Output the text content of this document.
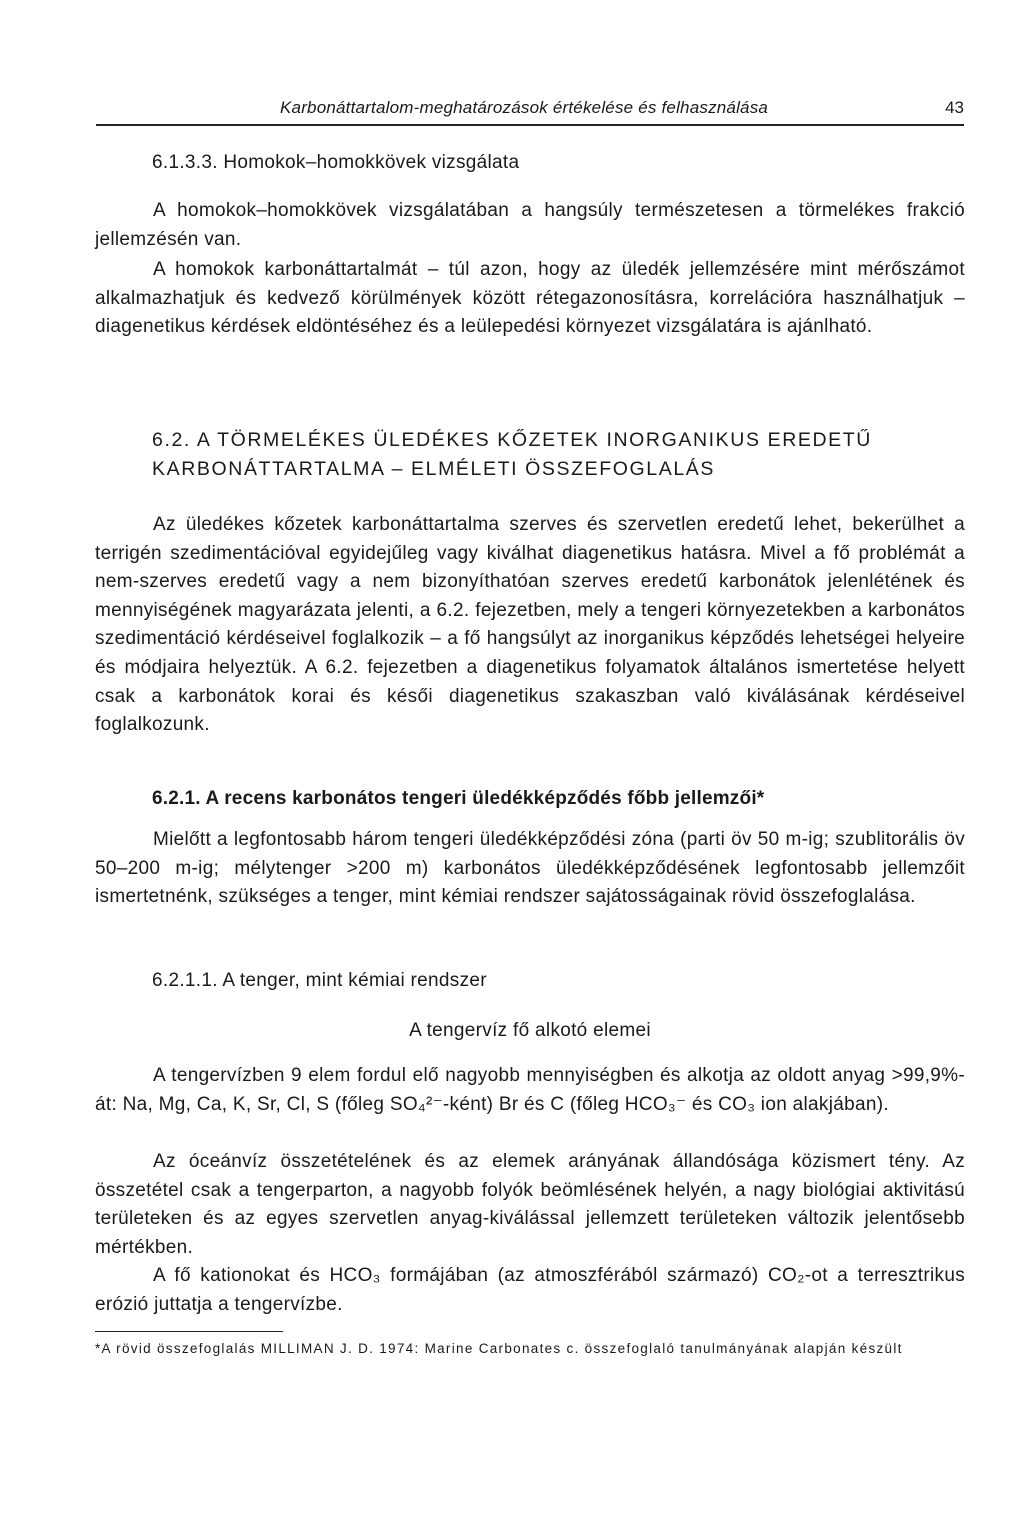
Karbonáttartalom-meghatározások értékelése és felhasználása	43

6.1.3.3. Homokok–homokkövek vizsgálata

A homokok–homokkövek vizsgálatában a hangsúly természetesen a törmelékes frakció jellemzésén van.

A homokok karbonáttartalmát – túl azon, hogy az üledék jellemzésére mint mérőszámot alkalmazhatjuk és kedvező körülmények között rétegazonosításra, korrelációra használhatjuk – diagenetikus kérdések eldöntéséhez és a leülepedési környezet vizsgálatára is ajánlható.

6.2. A TÖRMELÉKES ÜLEDÉKES KŐZETEK INORGANIKUS EREDETŰ

KARBONÁTTARTALMA – ELMÉLETI ÖSSZEFOGLALÁS

Az üledékes kőzetek karbonáttartalma szerves és szervetlen eredetű lehet, bekerülhet a terrigén szedimentációval egyidejűleg vagy kiválhat diagenetikus hatásra. Mivel a fő problémát a nem-szerves eredetű vagy a nem bizonyíthatóan szerves eredetű karbonátok jelenlétének és mennyiségének magyarázata jelenti, a 6.2. fejezetben, mely a tengeri környezetekben a karbonátos szedimentáció kérdéseivel foglalkozik – a fő hangsúlyt az inorganikus képződés lehetségei helyeire és módjaira helyeztük. A 6.2. fejezetben a diagenetikus folyamatok általános ismertetése helyett csak a karbonátok korai és késői diagenetikus szakaszban való kiválásának kérdéseivel foglalkozunk.

6.2.1. A recens karbonátos tengeri üledékképződés főbb jellemzői*

Mielőtt a legfontosabb három tengeri üledékképződési zóna (parti öv 50 m-ig; szublitorális öv 50–200 m-ig; mélytenger >200 m) karbonátos üledékképződésének legfontosabb jellemzőit ismertetnénk, szükséges a tenger, mint kémiai rendszer sajátosságainak rövid összefoglalása.

6.2.1.1. A tenger, mint kémiai rendszer

A tengervíz fő alkotó elemei

A tengervízben 9 elem fordul elő nagyobb mennyiségben és alkotja az oldott anyag >99,9%-át: Na, Mg, Ca, K, Sr, Cl, S (főleg SO₄²⁻-ként) Br és C (főleg HCO₃⁻ és CO₃ ion alakjában).

Az óceánvíz összetételének és az elemek arányának állandósága közismert tény. Az összetétel csak a tengerparton, a nagyobb folyók beömlésének helyén, a nagy biológiai aktivitású területeken és az egyes szervetlen anyag-kiválással jellemzett területeken változik jelentősebb mértékben.

A fő kationokat és HCO₃ formájában (az atmoszférából származó) CO₂-ot a terresztrikus erózió juttatja a tengervízbe.

*A rövid összefoglalás MILLIMAN J. D. 1974: Marine Carbonates c. összefoglaló tanulmányának alapján készült
